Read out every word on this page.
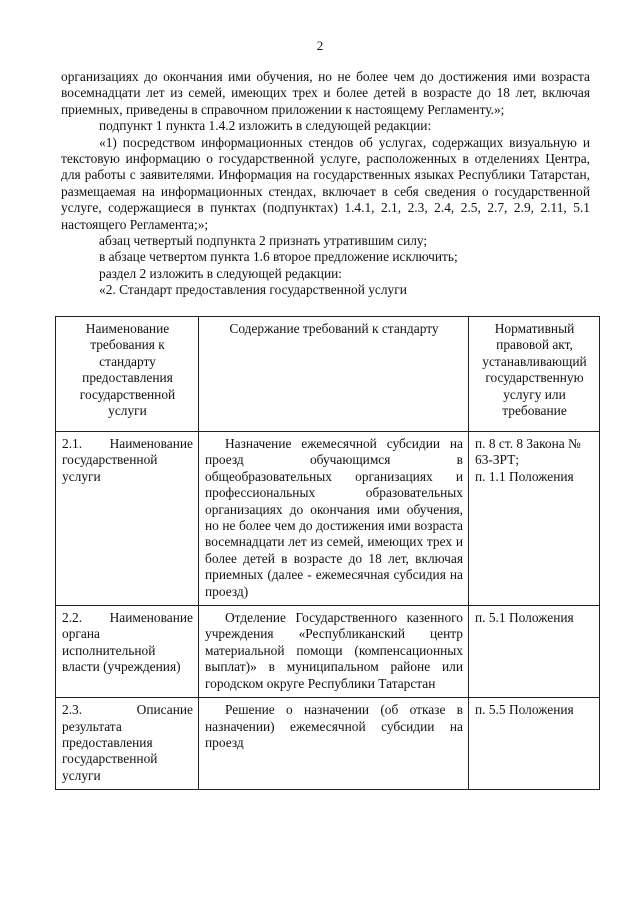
2

организациях до окончания ими обучения, но не более чем до достижения ими возраста восемнадцати лет из семей, имеющих трех и более детей в возрасте до 18 лет, включая приемных, приведены в справочном приложении к настоящему Регламенту.»;

подпункт 1 пункта 1.4.2 изложить в следующей редакции:

«1) посредством информационных стендов об услугах, содержащих визуальную и текстовую информацию о государственной услуге, расположенных в отделениях Центра, для работы с заявителями. Информация на государственных языках Республики Татарстан, размещаемая на информационных стендах, включает в себя сведения о государственной услуге, содержащиеся в пунктах (подпунктах) 1.4.1, 2.1, 2.3, 2.4, 2.5, 2.7, 2.9, 2.11, 5.1 настоящего Регламента;»;

абзац четвертый подпункта 2 признать утратившим силу;

в абзаце четвертом пункта 1.6 второе предложение исключить;

раздел 2 изложить в следующей редакции:

«2. Стандарт предоставления государственной услуги

Наименование требования к стандарту предоставления государственной услуги	Содержание требований к стандарту	Нормативный правовой акт, устанавливающий государственную услугу или требование
2.1. Наименование государственной услуги	Назначение ежемесячной субсидии на проезд обучающимся в общеобразовательных организациях и профессиональных образовательных организациях до окончания ими обучения, но не более чем до достижения ими возраста восемнадцати лет из семей, имеющих трех и более детей в возрасте до 18 лет, включая приемных (далее - ежемесячная субсидия на проезд)	п. 8 ст. 8 Закона № 63-ЗРТ;
п. 1.1 Положения
2.2. Наименование органа исполнительной власти (учреждения)	Отделение Государственного казенного учреждения «Республиканский центр материальной помощи (компенсационных выплат)» в муниципальном районе или городском округе Республики Татарстан	п. 5.1 Положения
2.3. Описание результата предоставления государственной услуги	Решение о назначении (об отказе в назначении) ежемесячной субсидии на проезд	п. 5.5 Положения
